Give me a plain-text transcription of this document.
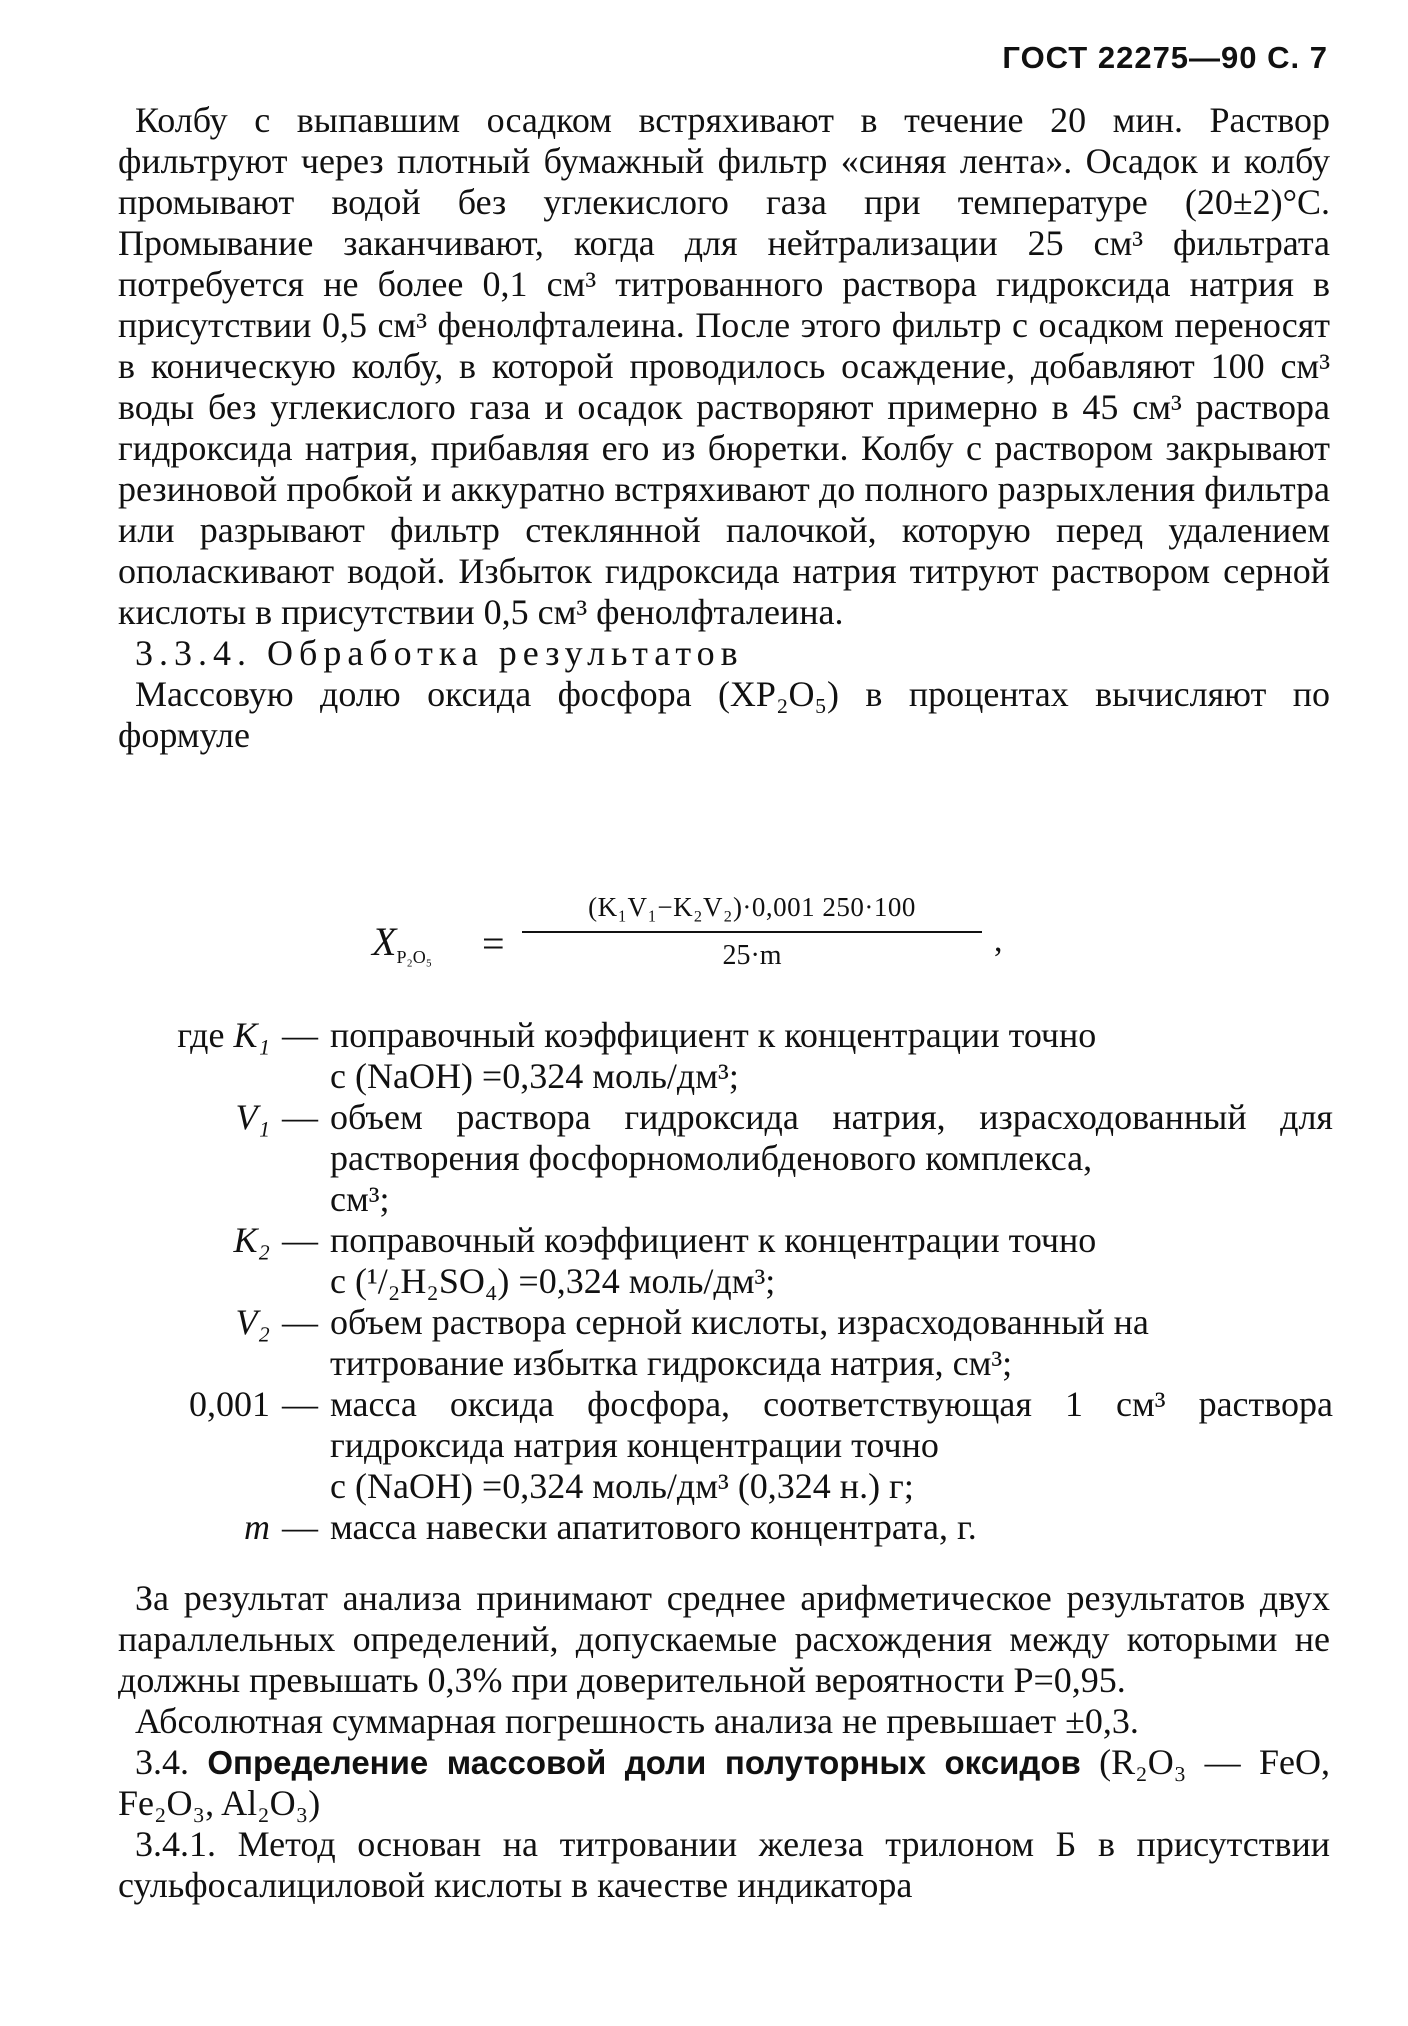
ГОСТ 22275—90 С. 7

Колбу с выпавшим осадком встряхивают в течение 20 мин. Раствор фильтруют через плотный бумажный фильтр «синяя лента». Осадок и колбу промывают водой без углекислого газа при температуре (20±2)°С. Промывание заканчивают, когда для нейтрализации 25 см³ фильтрата потребуется не более 0,1 см³ титрованного раствора гидроксида натрия в присутствии 0,5 см³ фенолфталеина. После этого фильтр с осадком переносят в коническую колбу, в которой проводилось осаждение, добавляют 100 см³ воды без углекислого газа и осадок растворяют примерно в 45 см³ раствора гидроксида натрия, прибавляя его из бюретки. Колбу с раствором закрывают резиновой пробкой и аккуратно встряхивают до полного разрыхления фильтра или разрывают фильтр стеклянной палочкой, которую перед удалением ополаскивают водой. Избыток гидроксида натрия титруют раствором серной кислоты в присутствии 0,5 см³ фенолфталеина.

3.3.4. Обработка результатов

Массовую долю оксида фосфора (XP₂O₅) в процентах вычисляют по формуле

$X_{P_2O_5}$ =
(K₁V₁−K₂V₂)·0,001 250·100
25·m	,
где K₁ — поправочный коэффициент к концентрации точно
c (NaOH) =0,324 моль/дм³;
V₁ — объем раствора гидроксида натрия, израсходованный для растворения фосфорномолибденового комплекса,
см³;
K₂ — поправочный коэффициент к концентрации точно
c (¹/₂H₂SO₄) =0,324 моль/дм³;
V₂ — объем раствора серной кислоты, израсходованный на
титрование избытка гидроксида натрия, см³;
0,001 — масса оксида фосфора, соответствующая 1 см³ раствора гидроксида натрия концентрации точно
c (NaOH) =0,324 моль/дм³ (0,324 н.) г;
m — масса навески апатитового концентрата, г.

За результат анализа принимают среднее арифметическое результатов двух параллельных определений, допускаемые расхождения между которыми не должны превышать 0,3% при доверительной вероятности P=0,95.

Абсолютная суммарная погрешность анализа не превышает ±0,3.

3.4. Определение массовой доли полуторных оксидов (R₂O₃ — FeO, Fe₂O₃, Al₂O₃)

3.4.1. Метод основан на титровании железа трилоном Б в присутствии сульфосалициловой кислоты в качестве индикатора
